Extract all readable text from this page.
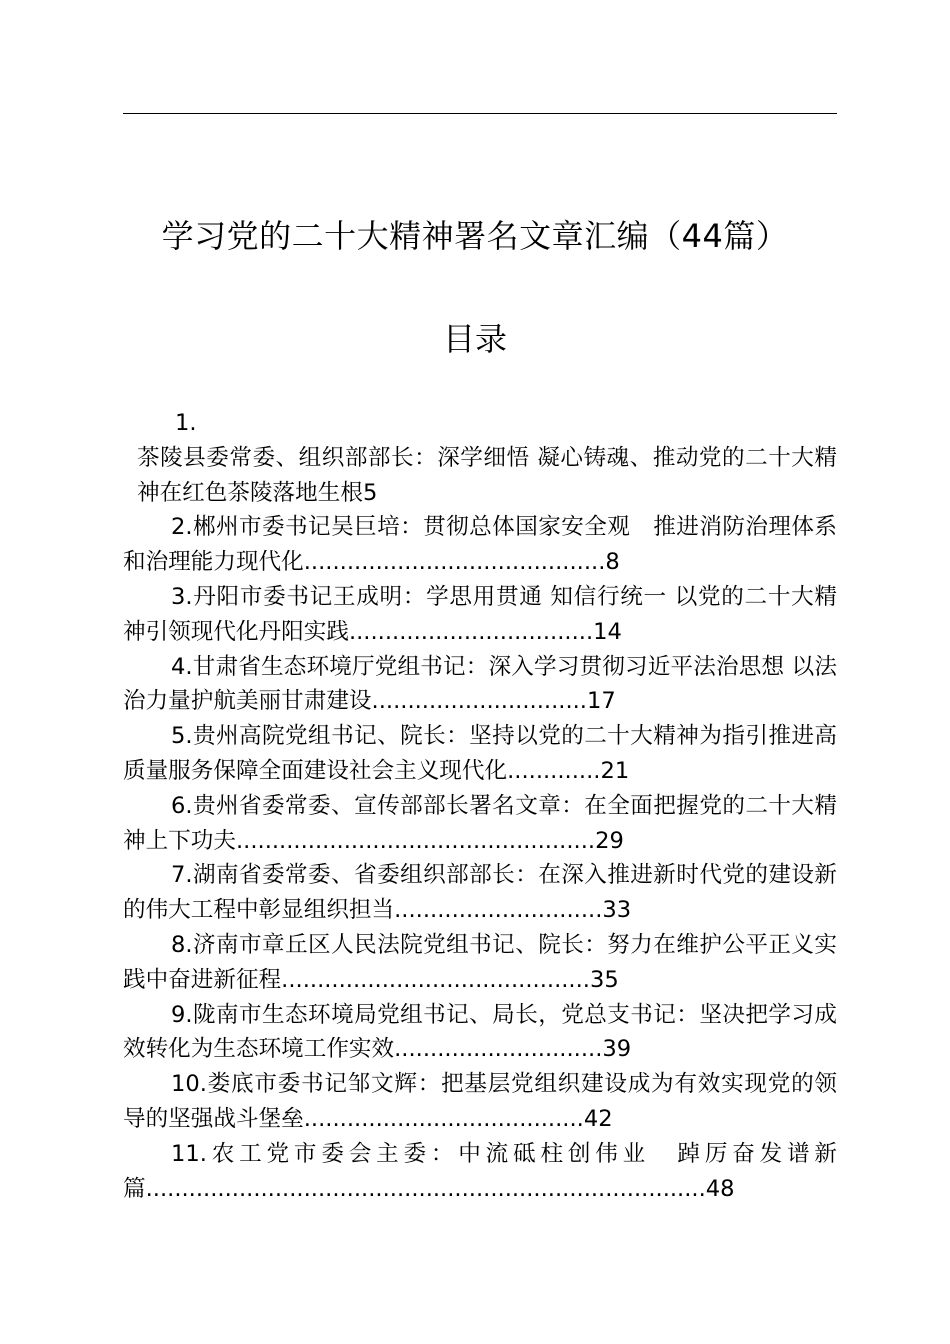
学习党的二十大精神署名文章汇编（44篇）
目录

1.
茶陵县委常委、组织部部长：深学细悟 凝心铸魂、推动党的二十大精神在红色茶陵落地生根5

2.郴州市委书记吴巨培：贯彻总体国家安全观　推进消防治理体系和治理能力现代化..........................................8

3.丹阳市委书记王成明：学思用贯通 知信行统一 以党的二十大精神引领现代化丹阳实践..................................14

4.甘肃省生态环境厅党组书记：深入学习贯彻习近平法治思想 以法治力量护航美丽甘肃建设..............................17

5.贵州高院党组书记、院长：坚持以党的二十大精神为指引推进高质量服务保障全面建设社会主义现代化.............21

6.贵州省委常委、宣传部部长署名文章：在全面把握党的二十大精神上下功夫..................................................29

7.湖南省委常委、省委组织部部长：在深入推进新时代党的建设新的伟大工程中彰显组织担当.............................33

8.济南市章丘区人民法院党组书记、院长：努力在维护公平正义实践中奋进新征程...........................................35

9.陇南市生态环境局党组书记、局长，党总支书记：坚决把学习成效转化为生态环境工作实效.............................39

10.娄底市委书记邹文辉：把基层党组织建设成为有效实现党的领导的坚强战斗堡垒.......................................42

11.农工党市委会主委：中流砥柱创伟业　踔厉奋发谱新篇..............................................................................48
